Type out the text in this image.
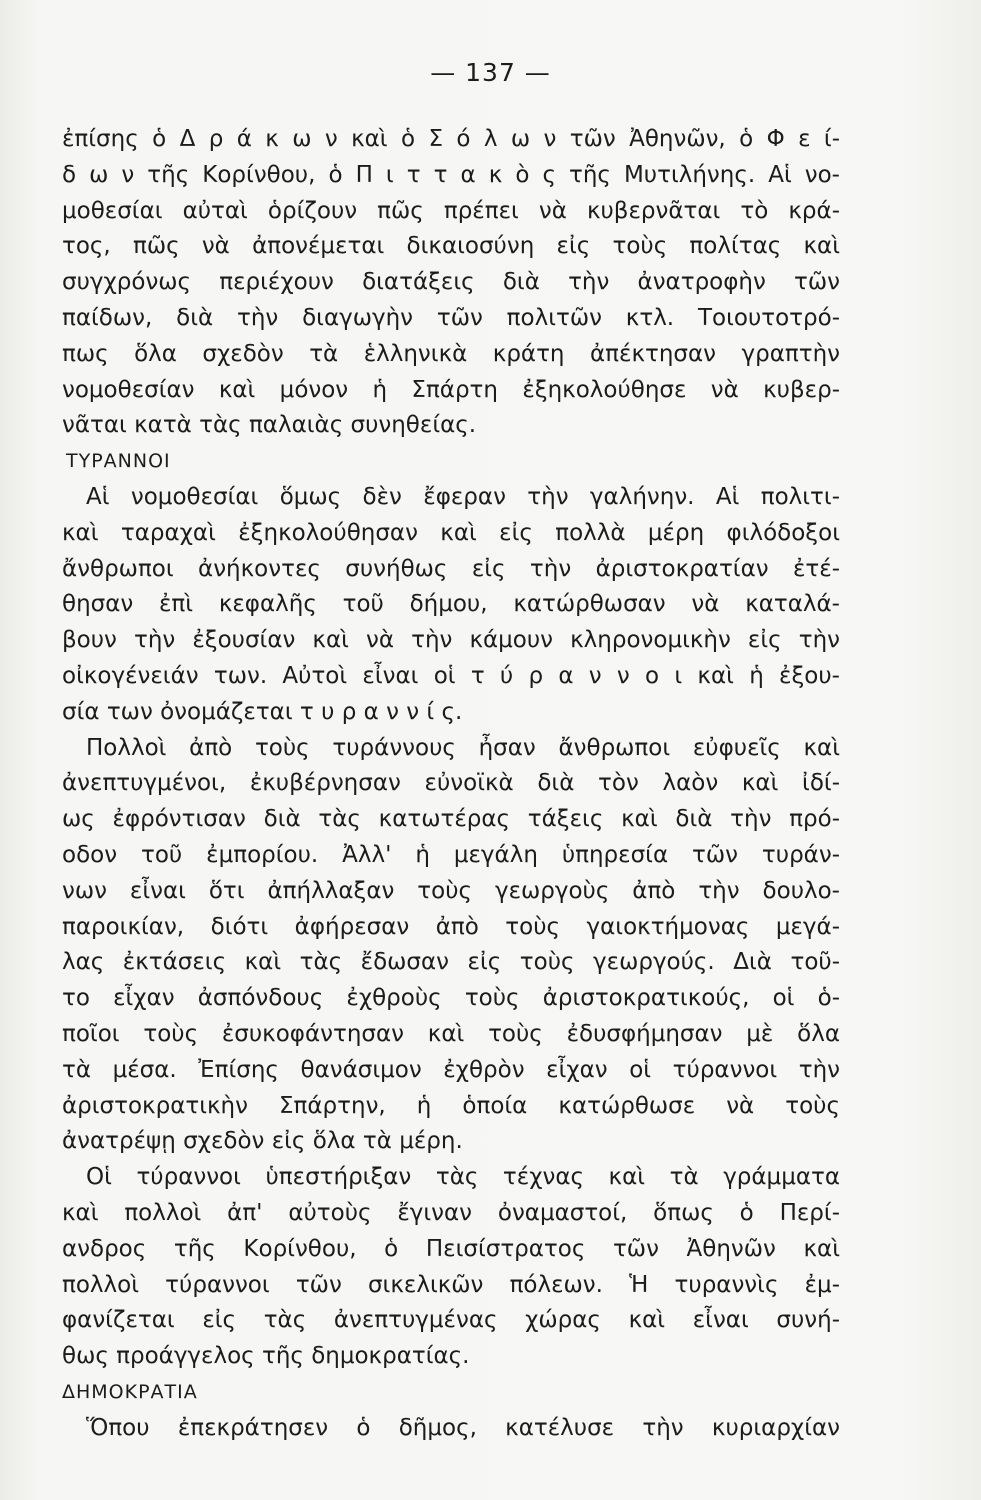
— 137 —
ἐπίσης ὁ Δ ρ ά κ ω ν καὶ ὁ Σ ό λ ω ν τῶν Ἀθηνῶν, ὁ Φ ε ί-
δ ω ν τῆς Κορίνθου, ὁ Π ι τ τ α κ ὸ ς τῆς Μυτιλήνης. Αἱ νο-
μοθεσίαι αὐταὶ ὁρίζουν πῶς πρέπει νὰ κυβερνᾶται τὸ κρά-
τος, πῶς νὰ ἀπονέμεται δικαιοσύνη εἰς τοὺς πολίτας καὶ
συγχρόνως περιέχουν διατάξεις διὰ τὴν ἀνατροφὴν τῶν
παίδων, διὰ τὴν διαγωγὴν τῶν πολιτῶν κτλ. Τοιουτοτρό-
πως ὅλα σχεδὸν τὰ ἑλληνικὰ κράτη ἀπέκτησαν γραπτὴν
νομοθεσίαν καὶ μόνον ἡ Σπάρτη ἐξηκολούθησε νὰ κυβερ-
νᾶται κατὰ τὰς παλαιὰς συνηθείας.
ΤΥΡΑΝΝΟΙ
Αἱ νομοθεσίαι ὅμως δὲν ἔφεραν τὴν γαλήνην. Αἱ πολιτι-
καὶ ταραχαὶ ἐξηκολούθησαν καὶ εἰς πολλὰ μέρη φιλόδοξοι
ἄνθρωποι ἀνήκοντες συνήθως εἰς τὴν ἀριστοκρατίαν ἐτέ-
θησαν ἐπὶ κεφαλῆς τοῦ δήμου, κατώρθωσαν νὰ καταλά-
βουν τὴν ἐξουσίαν καὶ νὰ τὴν κάμουν κληρονομικὴν εἰς τὴν
οἰκογένειάν των. Αὐτοὶ εἶναι οἱ τ ύ ρ α ν ν ο ι καὶ ἡ ἐξου-
σία των ὀνομάζεται τ υ ρ α ν ν ί ς.
Πολλοὶ ἀπὸ τοὺς τυράννους ἦσαν ἄνθρωποι εὐφυεῖς καὶ
ἀνεπτυγμένοι, ἐκυβέρνησαν εὐνοϊκὰ διὰ τὸν λαὸν καὶ ἰδί-
ως ἐφρόντισαν διὰ τὰς κατωτέρας τάξεις καὶ διὰ τὴν πρό-
οδον τοῦ ἐμπορίου. Ἀλλ' ἡ μεγάλη ὑπηρεσία τῶν τυράν-
νων εἶναι ὅτι ἀπήλλαξαν τοὺς γεωργοὺς ἀπὸ τὴν δουλο-
παροικίαν, διότι ἀφήρεσαν ἀπὸ τοὺς γαιοκτήμονας μεγά-
λας ἐκτάσεις καὶ τὰς ἔδωσαν εἰς τοὺς γεωργούς. Διὰ τοῦ-
το εἶχαν ἀσπόνδους ἐχθροὺς τοὺς ἀριστοκρατικούς, οἱ ὁ-
ποῖοι τοὺς ἐσυκοφάντησαν καὶ τοὺς ἐδυσφήμησαν μὲ ὅλα
τὰ μέσα. Ἐπίσης θανάσιμον ἐχθρὸν εἶχαν οἱ τύραννοι τὴν
ἀριστοκρατικὴν Σπάρτην, ἡ ὁποία κατώρθωσε νὰ τοὺς
ἀνατρέψῃ σχεδὸν εἰς ὅλα τὰ μέρη.
Οἱ τύραννοι ὑπεστήριξαν τὰς τέχνας καὶ τὰ γράμματα
καὶ πολλοὶ ἀπ' αὐτοὺς ἔγιναν ὀναμαστοί, ὅπως ὁ Περί-
ανδρος τῆς Κορίνθου, ὁ Πεισίστρατος τῶν Ἀθηνῶν καὶ
πολλοὶ τύραννοι τῶν σικελικῶν πόλεων. Ἡ τυραννὶς ἐμ-
φανίζεται εἰς τὰς ἀνεπτυγμένας χώρας καὶ εἶναι συνή-
θως προάγγελος τῆς δημοκρατίας.
ΔΗΜΟΚΡΑΤΙΑ
Ὅπου ἐπεκράτησεν ὁ δῆμος, κατέλυσε τὴν κυριαρχίαν
